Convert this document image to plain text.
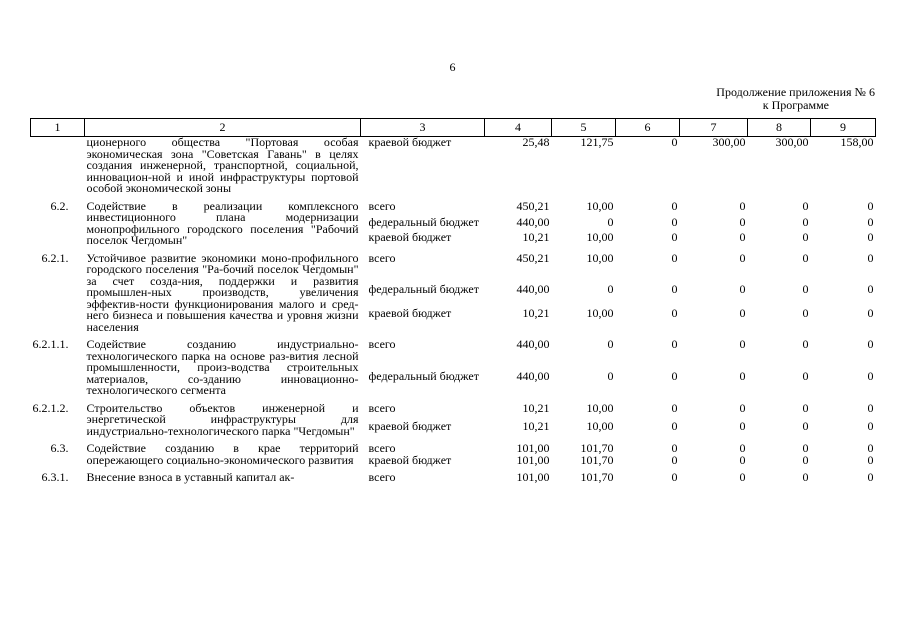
6
Продолжение приложения № 6
к Программе
1	2	3	4	5	6	7	8	9
	ционерного общества "Портовая особая экономическая зона "Советская Гавань" в целях создания инженерной, транспортной, социальной, инновацион-ной и иной инфраструктуры портовой особой экономической зоны	краевой бюджет	25,48	121,75	0	300,00	300,00	158,00
6.2.	Содействие в реализации комплексного инвестиционного плана модернизации монопрофильного городского поселения "Рабочий поселок Чегдомын"	всего	450,21	10,00	0	0	0	0
		федеральный бюджет	440,00	0	0	0	0	0
		краевой бюджет	10,21	10,00	0	0	0	0
6.2.1.	Устойчивое развитие экономики моно-профильного городского поселения "Ра-бочий поселок Чегдомын" за счет созда-ния, поддержки и развития промышлен-ных производств, увеличения эффектив-ности функционирования малого и сред-него бизнеса и повышения качества и уровня жизни населения	всего	450,21	10,00	0	0	0	0
		федеральный бюджет	440,00	0	0	0	0	0
		краевой бюджет	10,21	10,00	0	0	0	0
6.2.1.1.	Содействие созданию индустриально-технологического парка на основе раз-вития лесной промышленности, произ-водства строительных материалов, со-зданию инновационно-технологического сегмента	всего	440,00	0	0	0	0	0
		федеральный бюджет	440,00	0	0	0	0	0
6.2.1.2.	Строительство объектов инженерной и энергетической инфраструктуры для индустриально-технологического парка "Чегдомын"	всего	10,21	10,00	0	0	0	0
		краевой бюджет	10,21	10,00	0	0	0	0
6.3.	Содействие созданию в крае территорий опережающего социально-экономического развития	всего	101,00	101,70	0	0	0	0
		краевой бюджет	101,00	101,70	0	0	0	0
6.3.1.	Внесение взноса в уставный капитал ак-	всего	101,00	101,70	0	0	0	0
